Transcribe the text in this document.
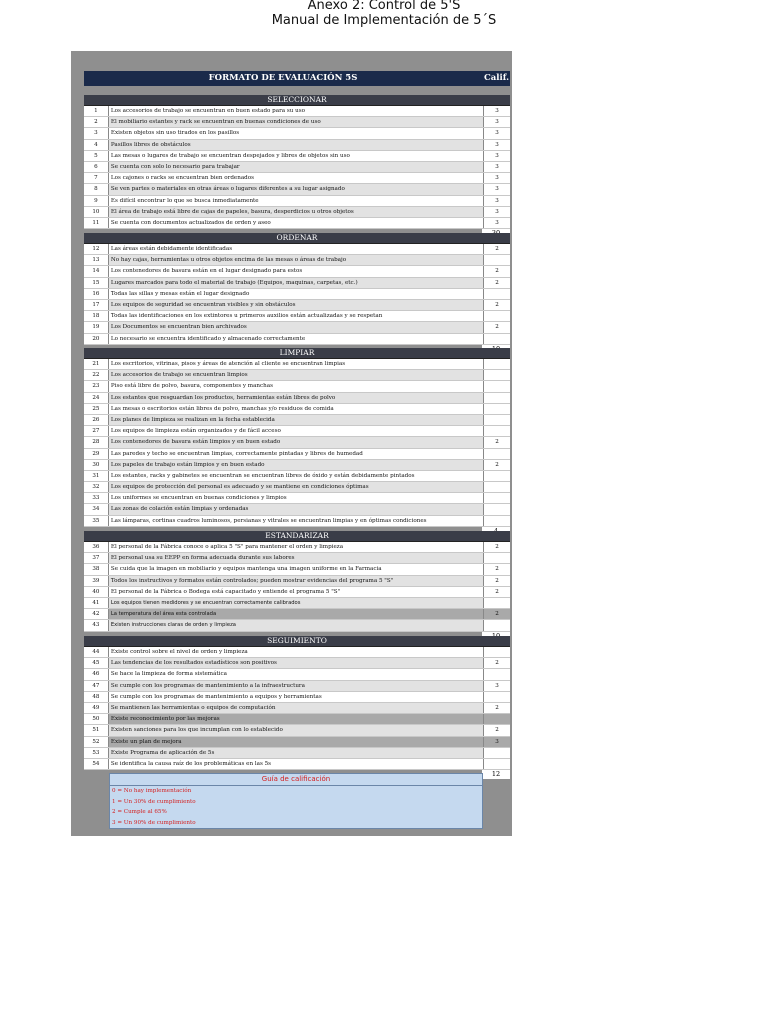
Anexo 2: Control de 5'S
Manual de Implementación de 5´S
FORMATO DE EVALUACIÓN 5S	Calif.
SELECCIONAR
1	Los accesorios de trabajo se encuentran en buen estado para su uso	3
2	El mobiliario estantes y rack se encuentran en buenas condiciones de uso	3
3	Existen objetos sin uso tirados en los pasillos	3
4	Pasillos libres de obstáculos	3
5	Las mesas o lugares de trabajo se encuentran despejados y libres de objetos sin uso	3
6	Se cuenta con solo lo necesario para trabajar	3
7	Los cajones o racks se encuentran bien ordenados	3
8	Se ven partes o materiales en otras áreas o lugares diferentes a su lugar asignado	3
9	Es difícil encontrar lo que se busca inmediatamente	3
10	El área de trabajo está libre de cajas de papeles, basura, desperdicios u otros objetos	3
11	Se cuenta con documentos actualizados de orden y aseo	3
ORDENAR
12	Las áreas están debidamente identificadas	2
13	No hay cajas, herramientas u otros objetos encima de las mesas o áreas de trabajo
14	Los contenedores de basura están en el lugar designado para estos	2
15	Lugares marcados para todo el material de trabajo (Equipos, maquinas, carpetas, etc.)	2
16	Todas las sillas y mesas están el lugar designado
17	Los equipos de seguridad se encuentran visibles y sin obstáculos	2
18	Todas las identificaciones en los extintores u primeros auxilios están actualizadas y se respetan
19	Los Documentos se encuentran bien archivados	2
20	Lo necesario se encuentra identificado y almacenado correctamente
LIMPIAR
21	Los escritorios, vitrinas, pisos y áreas de atención al cliente se encuentran limpias
22	Los accesorios de trabajo se encuentran limpios
23	Piso está libre de polvo, basura, componentes y manchas
24	Los estantes que resguardan los productos, herramientas están libres de polvo
25	Las mesas o escritorios están libres de polvo, manchas y/o residuos de comida
26	Los planes de limpieza se realizan en la fecha establecida
27	Los equipos de limpieza están organizados y de fácil acceso
28	Los contenedores de basura están limpios y en buen estado	2
29	Las paredes y techo se encuentran limpias, correctamente pintadas y libres de humedad
30	Los papeles de trabajo están limpios y en buen estado	2
31	Los estantes, racks y gabinetes se encuentran se encuentran libres de óxido y están debidamente pintados
32	Los equipos de protección del personal es adecuado y se mantiene en condiciones óptimas
33	Los uniformes se encuentran en buenas condiciones y limpios
34	Las zonas de colación están limpias y ordenadas
35	Las lámparas, cortinas cuadros luminosos, persianas y vitrales se encuentran limpias y en óptimas condiciones
ESTANDARIZAR
36	El personal de la Fábrica conoce o aplica 5 "S" para mantener el orden y limpieza	2
37	El personal usa su EEPP en forma adecuada durante sus labores
38	Se cuida que la imagen en mobiliario y equipos mantenga una imagen uniforme en la Farmacia	2
39	Todos los instructivos y formatos están controlados; pueden mostrar evidencias del programa 5 "S"	2
40	El personal de la Fábrica o Bodega está capacitado y entiende el programa 5 "S"	2
41	Los equipos tienen medidores y se encuentran correctamente calibrados
42	La temperatura del área esta controlada	2
43	Existen instrucciones claras de orden y limpieza
SEGUIMIENTO
44	Existe control sobre el nivel de orden y limpieza
45	Las tendencias de los resultados estadísticos son positivos	2
46	Se hace la limpieza de forma sistemática
47	Se cumple con los programas de mantenimiento a la infraestructura	3
48	Se cumple con los programas de mantenimiento a equipos y herramientas
49	Se mantienen las herramientas o equipos de computación	2
50	Existe reconocimiento por las mejoras
51	Existen sanciones para los que incumplan con lo establecido	2
52	Existe un plan de mejora	3
53	Existe Programa de aplicación de 5s
54	Se identifica la causa raíz de los problemáticas en las 5s
12
Guía de calificación
0 = No hay implementación
1 = Un 30% de cumplimiento
2 = Cumple al 65%
3 = Un 90% de cumplimiento
